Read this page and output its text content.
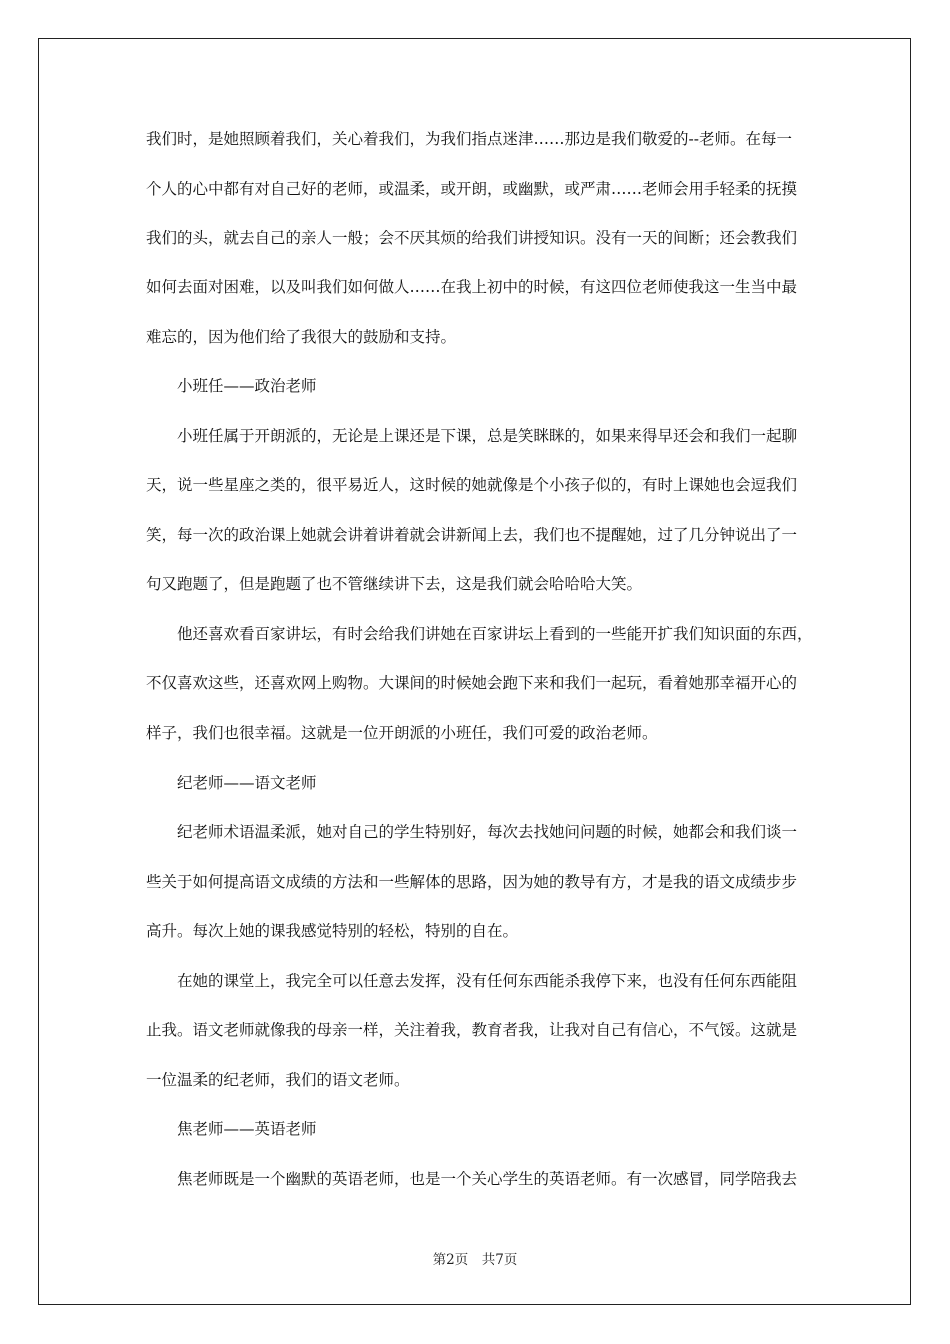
我们时，是她照顾着我们，关心着我们，为我们指点迷津……那边是我们敬爱的--老师。在每一
个人的心中都有对自己好的老师，或温柔，或开朗，或幽默，或严肃……老师会用手轻柔的抚摸
我们的头，就去自己的亲人一般；会不厌其烦的给我们讲授知识。没有一天的间断；还会教我们
如何去面对困难，以及叫我们如何做人……在我上初中的时候，有这四位老师使我这一生当中最
难忘的，因为他们给了我很大的鼓励和支持。
小班任——政治老师
小班任属于开朗派的，无论是上课还是下课，总是笑眯眯的，如果来得早还会和我们一起聊
天，说一些星座之类的，很平易近人，这时候的她就像是个小孩子似的，有时上课她也会逗我们
笑，每一次的政治课上她就会讲着讲着就会讲新闻上去，我们也不提醒她，过了几分钟说出了一
句又跑题了，但是跑题了也不管继续讲下去，这是我们就会哈哈哈大笑。
他还喜欢看百家讲坛，有时会给我们讲她在百家讲坛上看到的一些能开扩我们知识面的东西，
不仅喜欢这些，还喜欢网上购物。大课间的时候她会跑下来和我们一起玩，看着她那幸福开心的
样子，我们也很幸福。这就是一位开朗派的小班任，我们可爱的政治老师。
纪老师——语文老师
纪老师术语温柔派，她对自己的学生特别好，每次去找她问问题的时候，她都会和我们谈一
些关于如何提高语文成绩的方法和一些解体的思路，因为她的教导有方，才是我的语文成绩步步
高升。每次上她的课我感觉特别的轻松，特别的自在。
在她的课堂上，我完全可以任意去发挥，没有任何东西能杀我停下来，也没有任何东西能阻
止我。语文老师就像我的母亲一样，关注着我，教育者我，让我对自己有信心，不气馁。这就是
一位温柔的纪老师，我们的语文老师。
焦老师——英语老师
焦老师既是一个幽默的英语老师，也是一个关心学生的英语老师。有一次感冒，同学陪我去
第2页　共7页
